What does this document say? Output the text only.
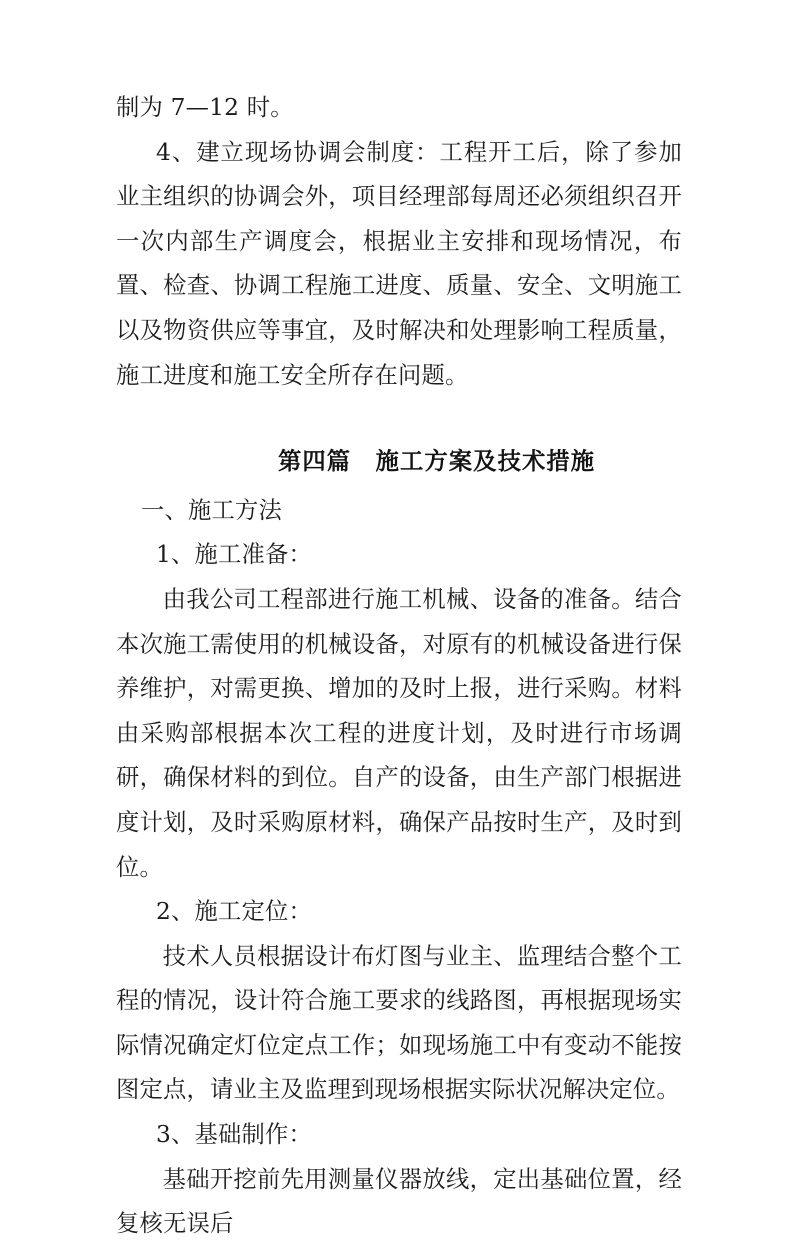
制为 7—12 时。

4、建立现场协调会制度：工程开工后，除了参加业主组织的协调会外，项目经理部每周还必须组织召开一次内部生产调度会，根据业主安排和现场情况，布置、检查、协调工程施工进度、质量、安全、文明施工以及物资供应等事宜，及时解决和处理影响工程质量，施工进度和施工安全所存在问题。

第四篇　施工方案及技术措施

一、施工方法

1、施工准备：

由我公司工程部进行施工机械、设备的准备。结合本次施工需使用的机械设备，对原有的机械设备进行保养维护，对需更换、增加的及时上报，进行采购。材料由采购部根据本次工程的进度计划，及时进行市场调研，确保材料的到位。自产的设备，由生产部门根据进度计划，及时采购原材料，确保产品按时生产，及时到位。

2、施工定位：

技术人员根据设计布灯图与业主、监理结合整个工程的情况，设计符合施工要求的线路图，再根据现场实际情况确定灯位定点工作；如现场施工中有变动不能按图定点，请业主及监理到现场根据实际状况解决定位。

3、基础制作：

基础开挖前先用测量仪器放线，定出基础位置，经复核无误后
